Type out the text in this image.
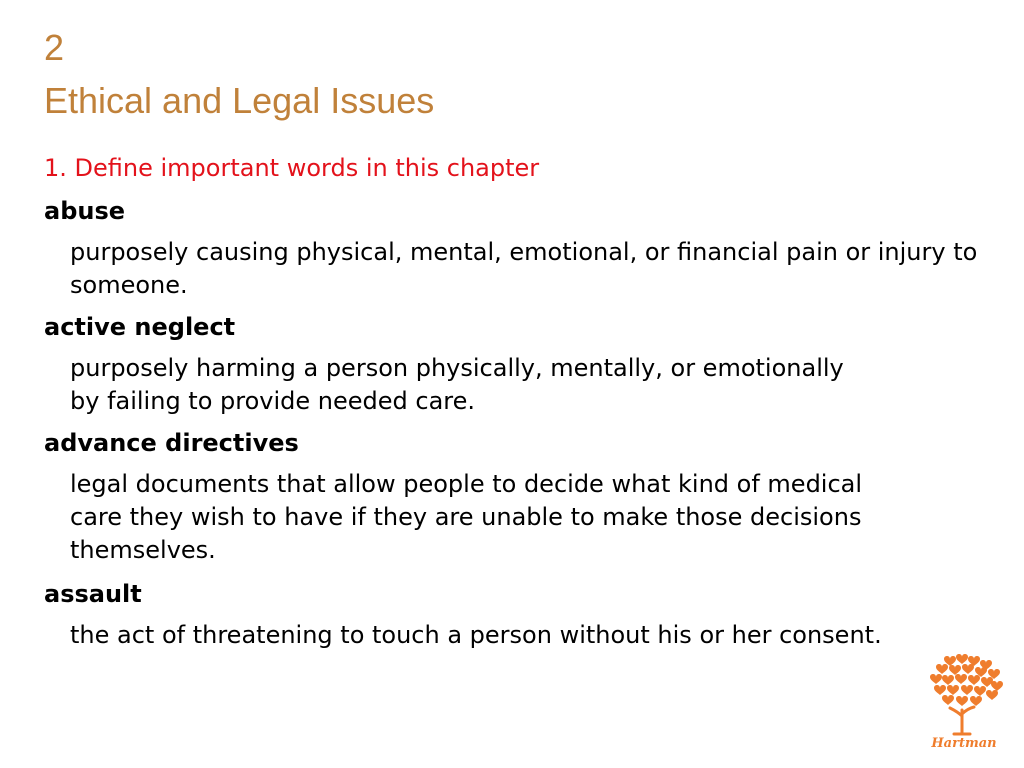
2
Ethical and Legal Issues
1. Define important words in this chapter
abuse
purposely causing physical, mental, emotional, or financial pain or injury to someone.
active neglect
purposely harming a person physically, mentally, or emotionally by failing to provide needed care.
advance directives
legal documents that allow people to decide what kind of medical care they wish to have if they are unable to make those decisions themselves.
assault
the act of threatening to touch a person without his or her consent.
Hartman
